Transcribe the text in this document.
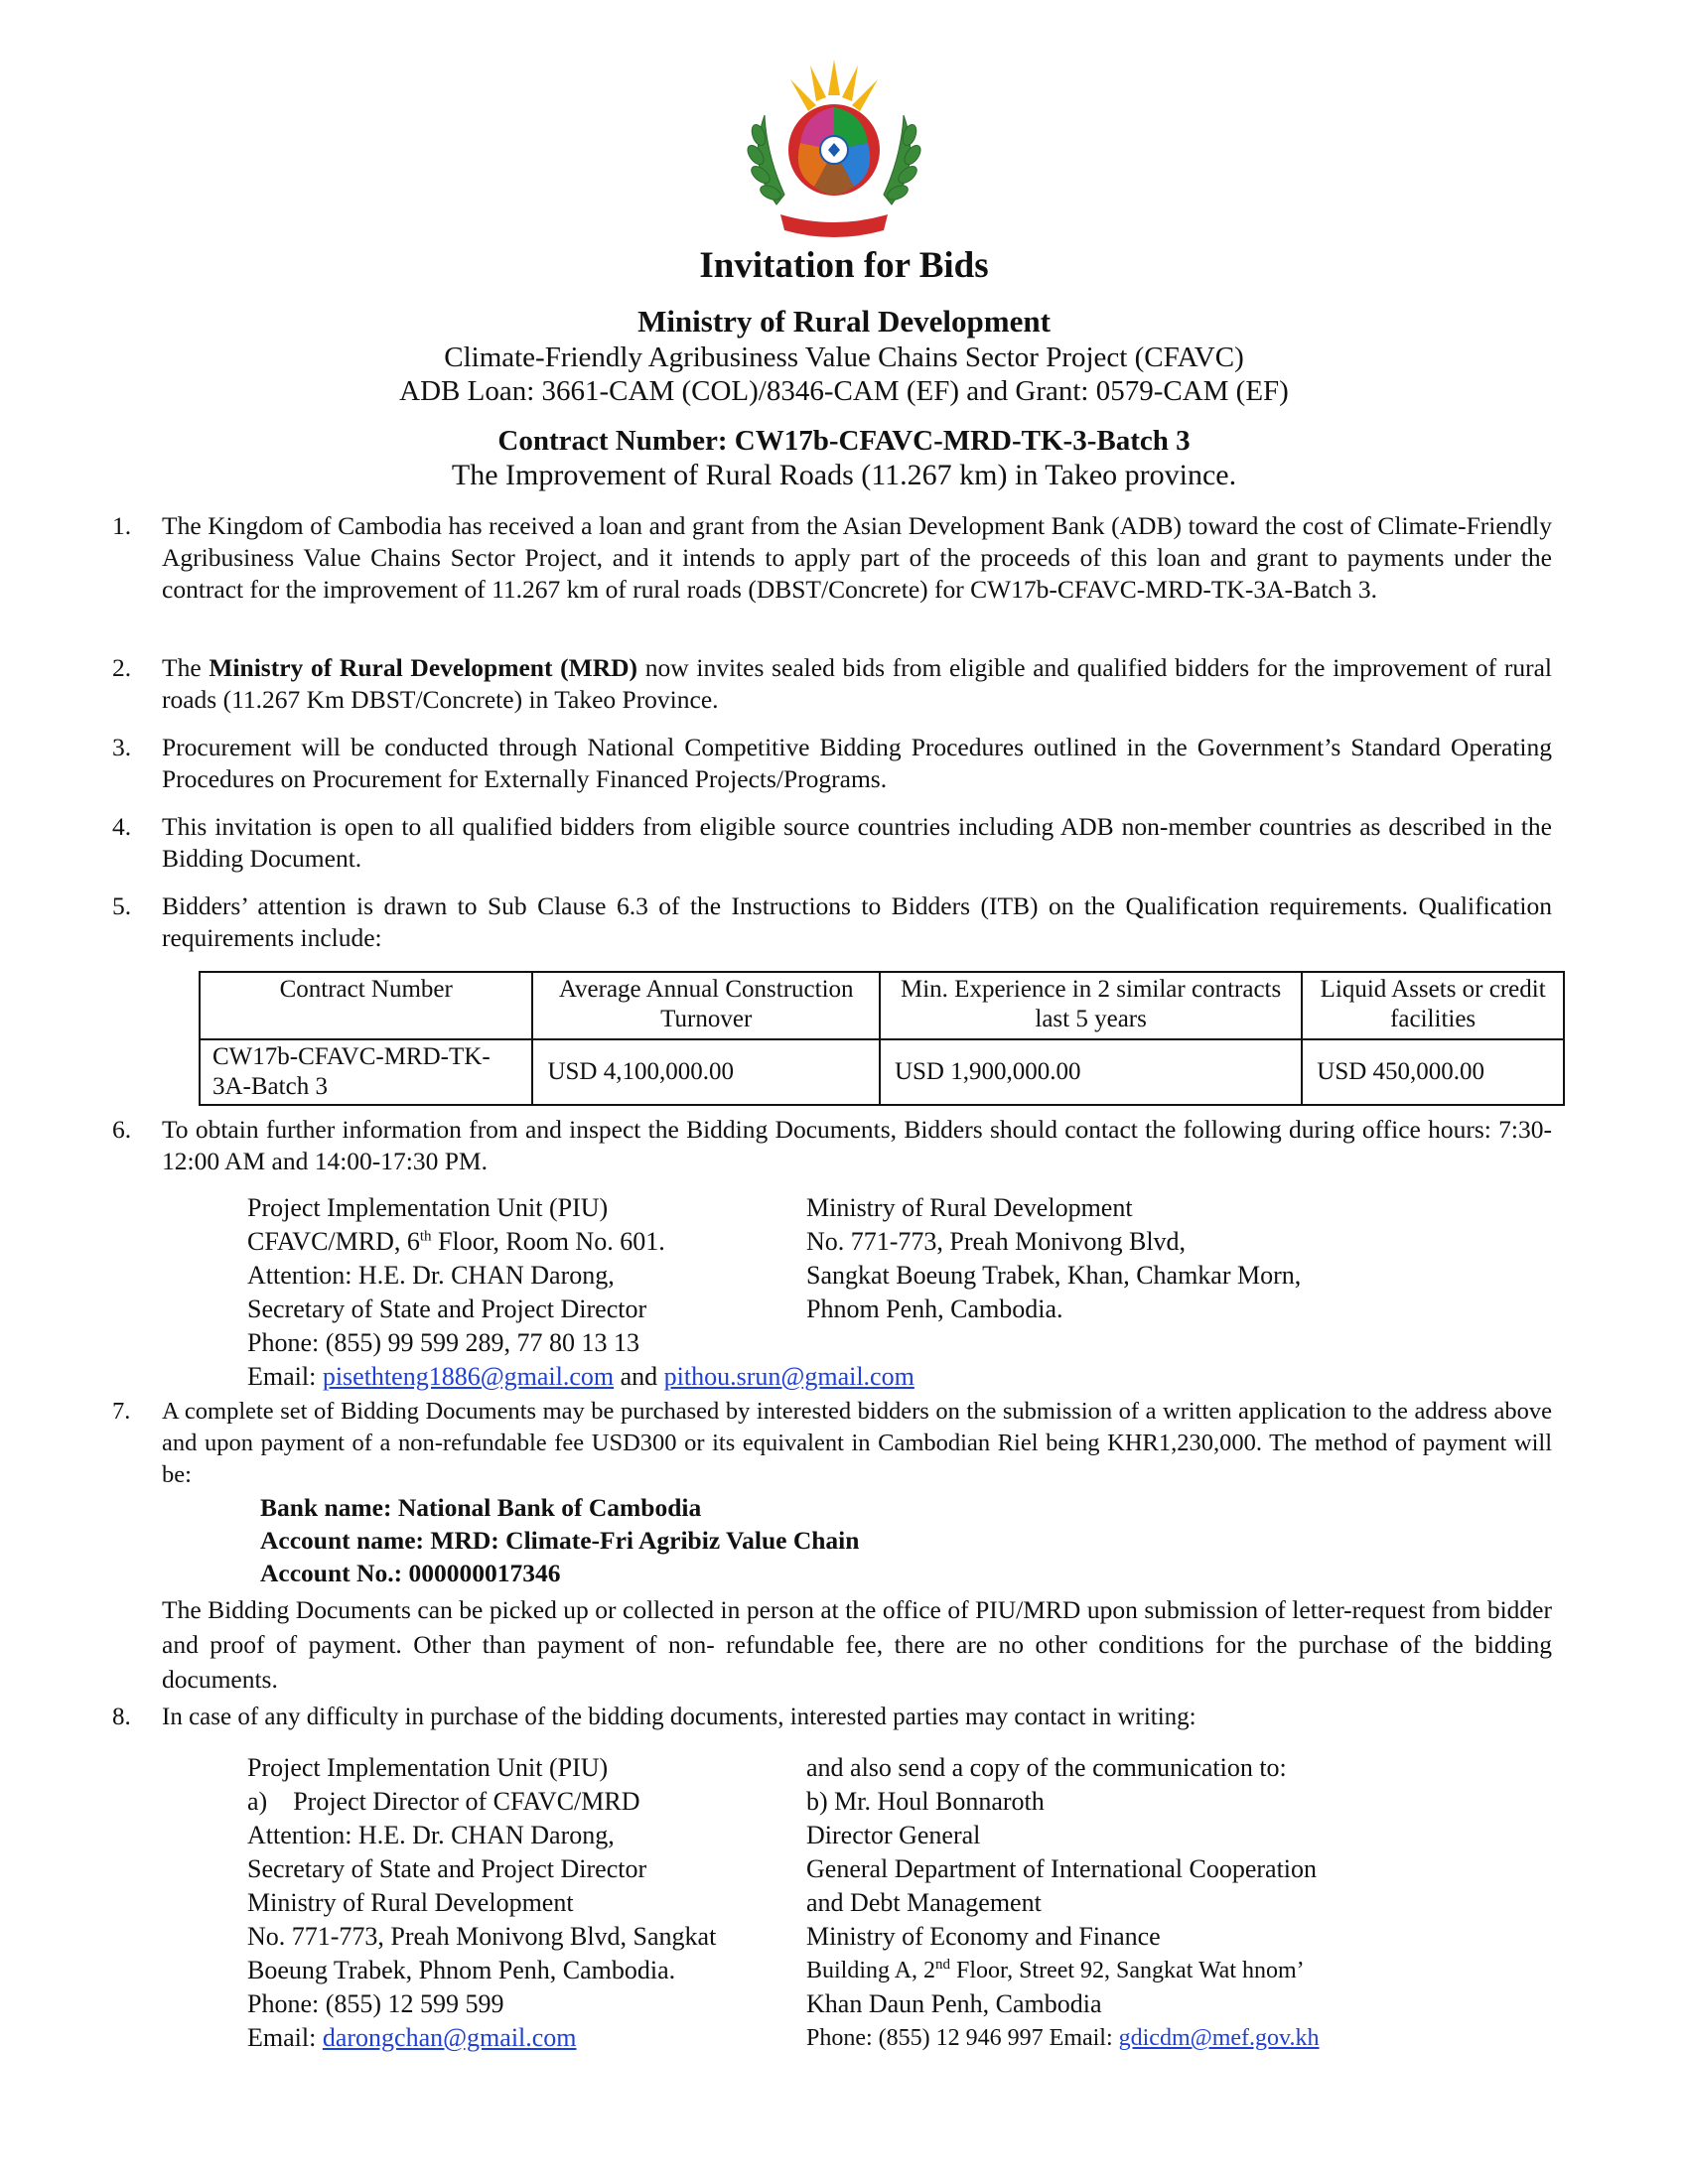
Invitation for Bids
Ministry of Rural Development
Climate-Friendly Agribusiness Value Chains Sector Project (CFAVC)
ADB Loan: 3661-CAM (COL)/8346-CAM (EF) and Grant: 0579-CAM (EF)
Contract Number: CW17b-CFAVC-MRD-TK-3-Batch 3
The Improvement of Rural Roads (11.267 km) in Takeo province.
1.	The Kingdom of Cambodia has received a loan and grant from the Asian Development Bank (ADB) toward the cost of Climate-Friendly Agribusiness Value Chains Sector Project, and it intends to apply part of the proceeds of this loan and grant to payments under the contract for the improvement of 11.267 km of rural roads (DBST/Concrete) for CW17b-CFAVC-MRD-TK-3A-Batch 3.
2.	The Ministry of Rural Development (MRD) now invites sealed bids from eligible and qualified bidders for the improvement of rural roads (11.267 Km DBST/Concrete) in Takeo Province.
3.	Procurement will be conducted through National Competitive Bidding Procedures outlined in the Government’s Standard Operating Procedures on Procurement for Externally Financed Projects/Programs.
4.	This invitation is open to all qualified bidders from eligible source countries including ADB non-member countries as described in the Bidding Document.
5.	Bidders’ attention is drawn to Sub Clause 6.3 of the Instructions to Bidders (ITB) on the Qualification requirements. Qualification requirements include:
Contract Number	Average Annual Construction Turnover	Min. Experience in 2 similar contracts last 5 years	Liquid Assets or credit facilities
CW17b-CFAVC-MRD-TK-3A-Batch 3	USD 4,100,000.00	USD 1,900,000.00	USD 450,000.00
6.	To obtain further information from and inspect the Bidding Documents, Bidders should contact the following during office hours: 7:30-12:00 AM and 14:00-17:30 PM.
Project Implementation Unit (PIU)
CFAVC/MRD, 6th Floor, Room No. 601.
Attention: H.E. Dr. CHAN Darong,
Secretary of State and Project Director
Phone: (855) 99 599 289, 77 80 13 13
Email: pisethteng1886@gmail.com and pithou.srun@gmail.com
Ministry of Rural Development
No. 771-773, Preah Monivong Blvd,
Sangkat Boeung Trabek, Khan, Chamkar Morn,
Phnom Penh, Cambodia.
7.	A complete set of Bidding Documents may be purchased by interested bidders on the submission of a written application to the address above and upon payment of a non-refundable fee USD300 or its equivalent in Cambodian Riel being KHR1,230,000. The method of payment will be:
Bank name: National Bank of Cambodia
Account name: MRD: Climate-Fri Agribiz Value Chain
Account No.: 000000017346
The Bidding Documents can be picked up or collected in person at the office of PIU/MRD upon submission of letter-request from bidder and proof of payment. Other than payment of non- refundable fee, there are no other conditions for the purchase of the bidding documents.
8.	In case of any difficulty in purchase of the bidding documents, interested parties may contact in writing:
Project Implementation Unit (PIU)
a)    Project Director of CFAVC/MRD
Attention: H.E. Dr. CHAN Darong,
Secretary of State and Project Director
Ministry of Rural Development
No. 771-773, Preah Monivong Blvd, Sangkat
Boeung Trabek, Phnom Penh, Cambodia.
Phone: (855) 12 599 599
Email: darongchan@gmail.com
and also send a copy of the communication to:
b) Mr. Houl Bonnaroth
Director General
General Department of International Cooperation
and Debt Management
Ministry of Economy and Finance
Building A, 2nd Floor, Street 92, Sangkat Wat hnom’
Khan Daun Penh, Cambodia
Phone: (855) 12 946 997 Email: gdicdm@mef.gov.kh
